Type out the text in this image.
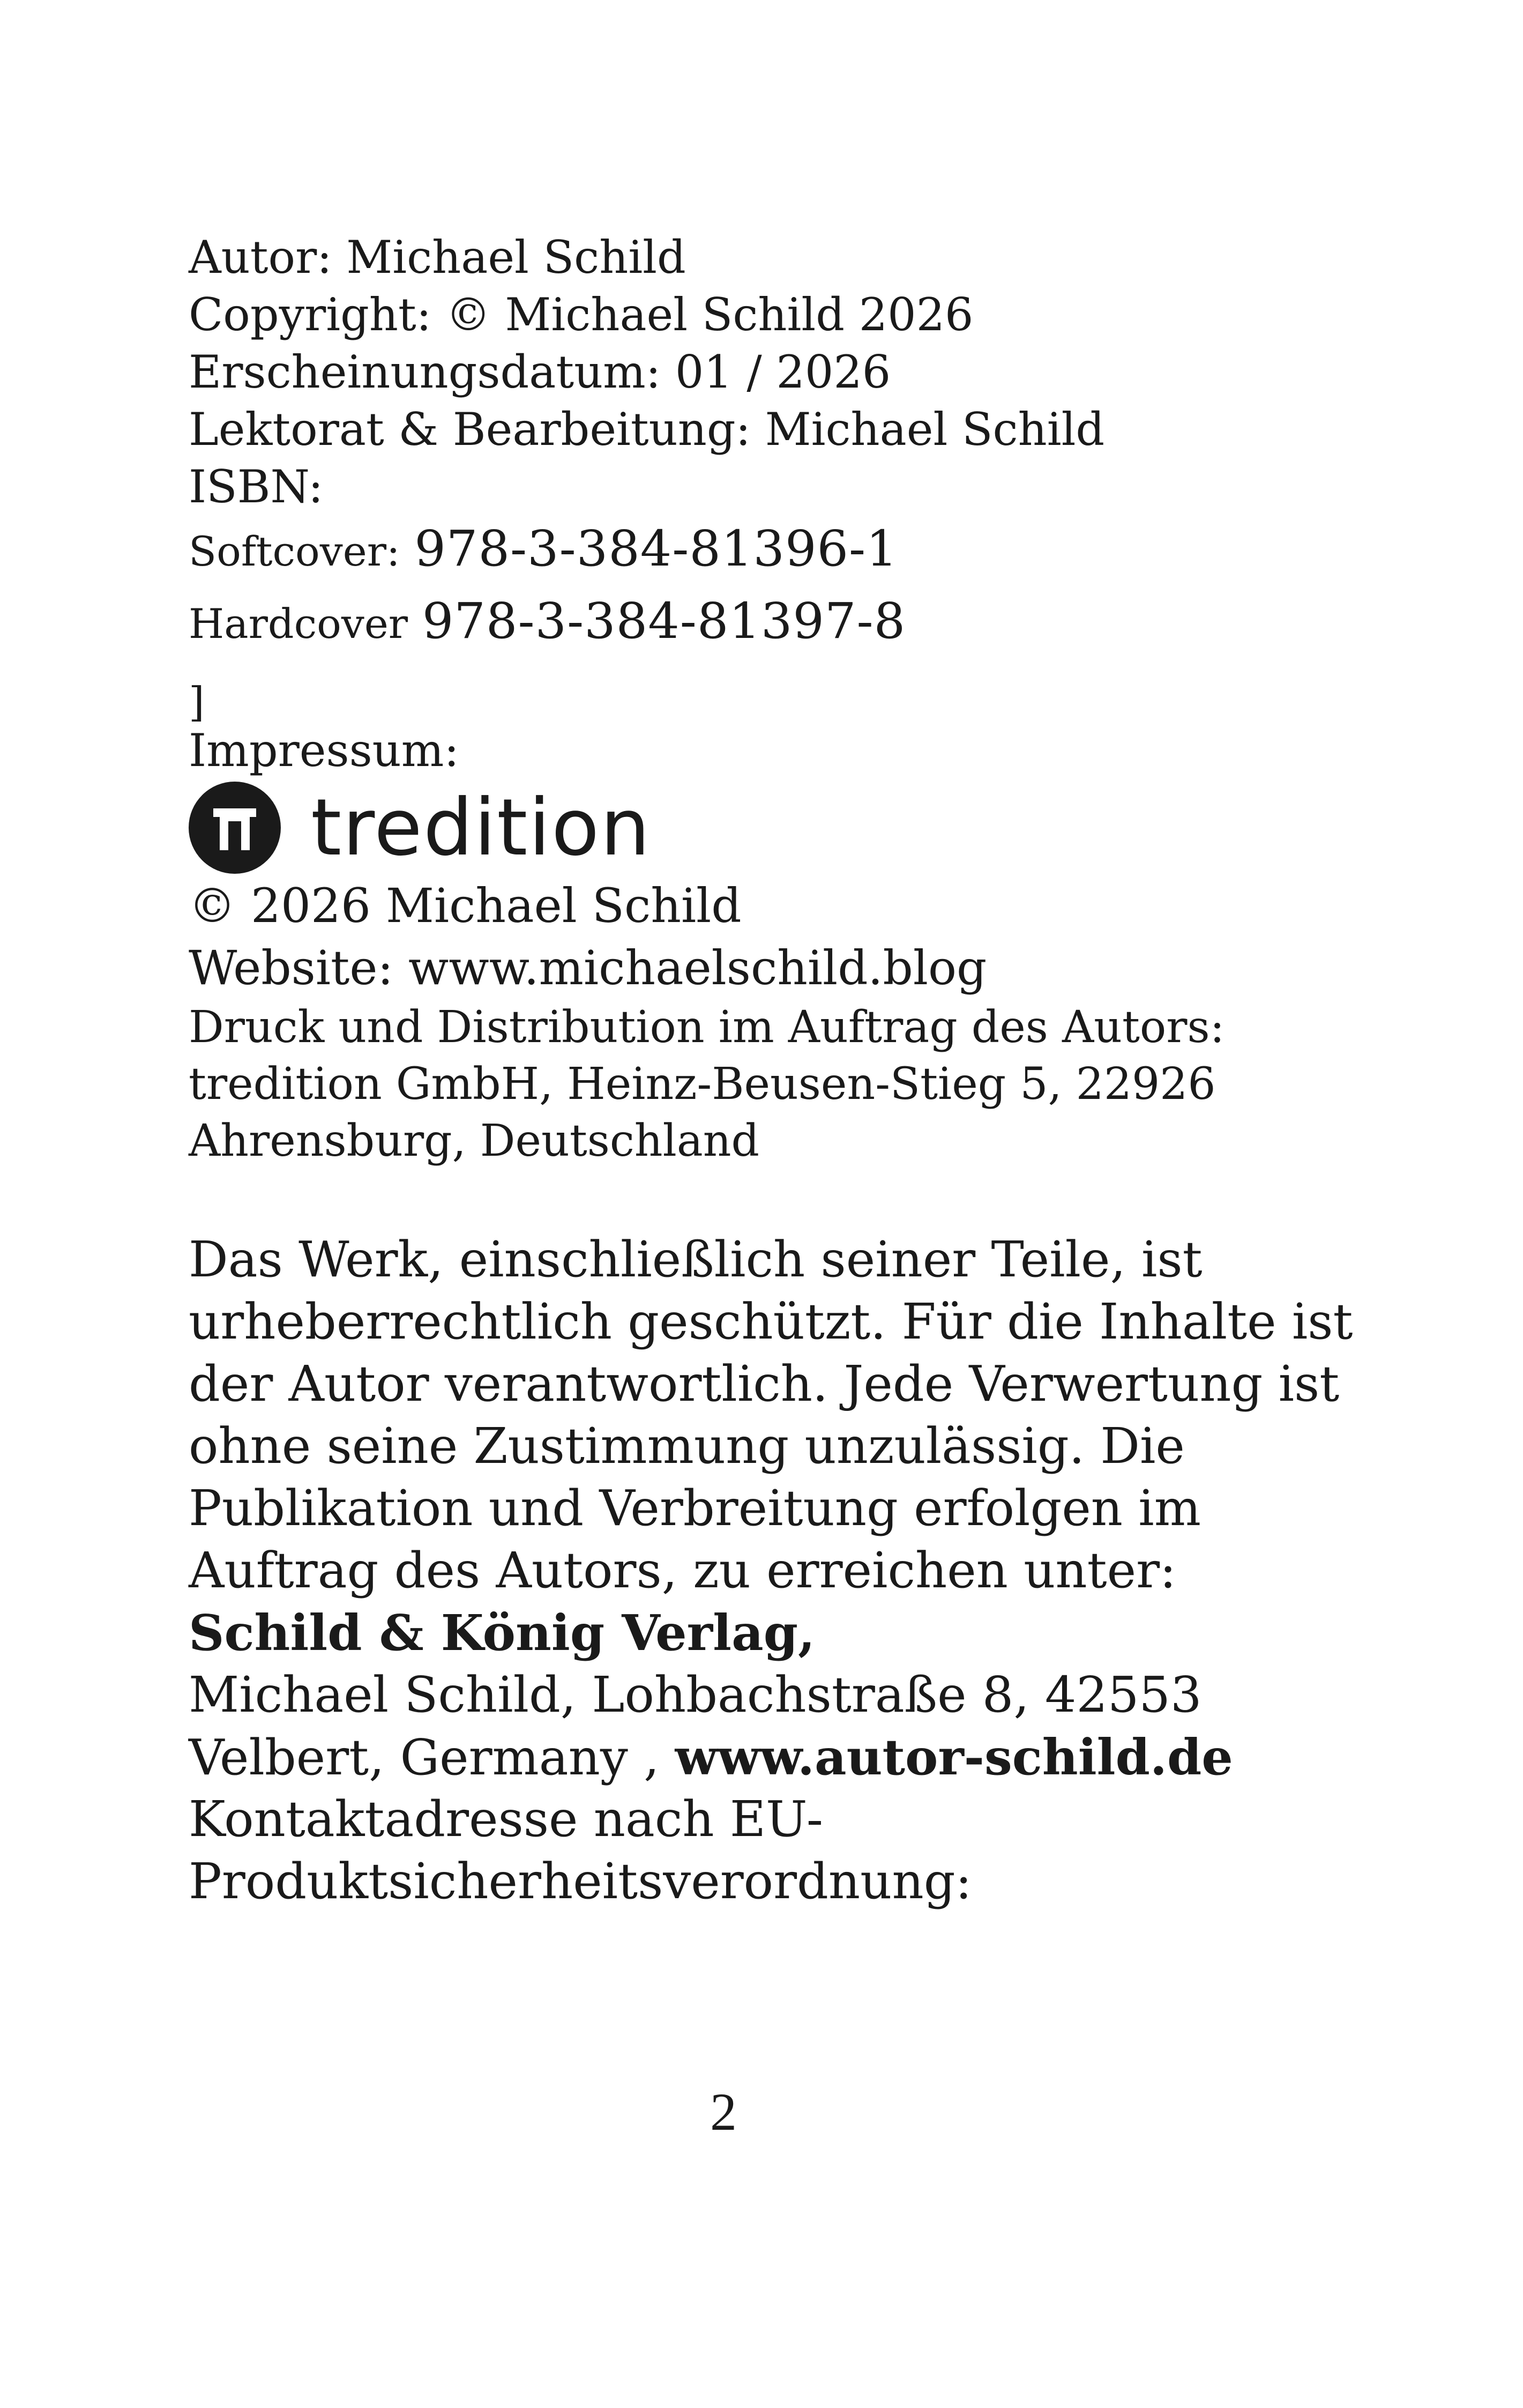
Autor: Michael Schild
Copyright: © Michael Schild 2026
Erscheinungsdatum: 01 / 2026
Lektorat & Bearbeitung: Michael Schild
ISBN:
Softcover: 978-3-384-81396-1
Hardcover 978-3-384-81397-8
]
Impressum:
tredition
© 2026 Michael Schild
Website: www.michaelschild.blog
Druck und Distribution im Auftrag des Autors:
tredition GmbH, Heinz-Beusen-Stieg 5, 22926
Ahrensburg, Deutschland
Das Werk, einschließlich seiner Teile, ist
urheberrechtlich geschützt. Für die Inhalte ist
der Autor verantwortlich. Jede Verwertung ist
ohne seine Zustimmung unzulässig. Die
Publikation und Verbreitung erfolgen im
Auftrag des Autors, zu erreichen unter:
Schild & König Verlag,
Michael Schild, Lohbachstraße 8, 42553
Velbert, Germany , www.autor-schild.de
Kontaktadresse nach EU-
Produktsicherheitsverordnung:
2
